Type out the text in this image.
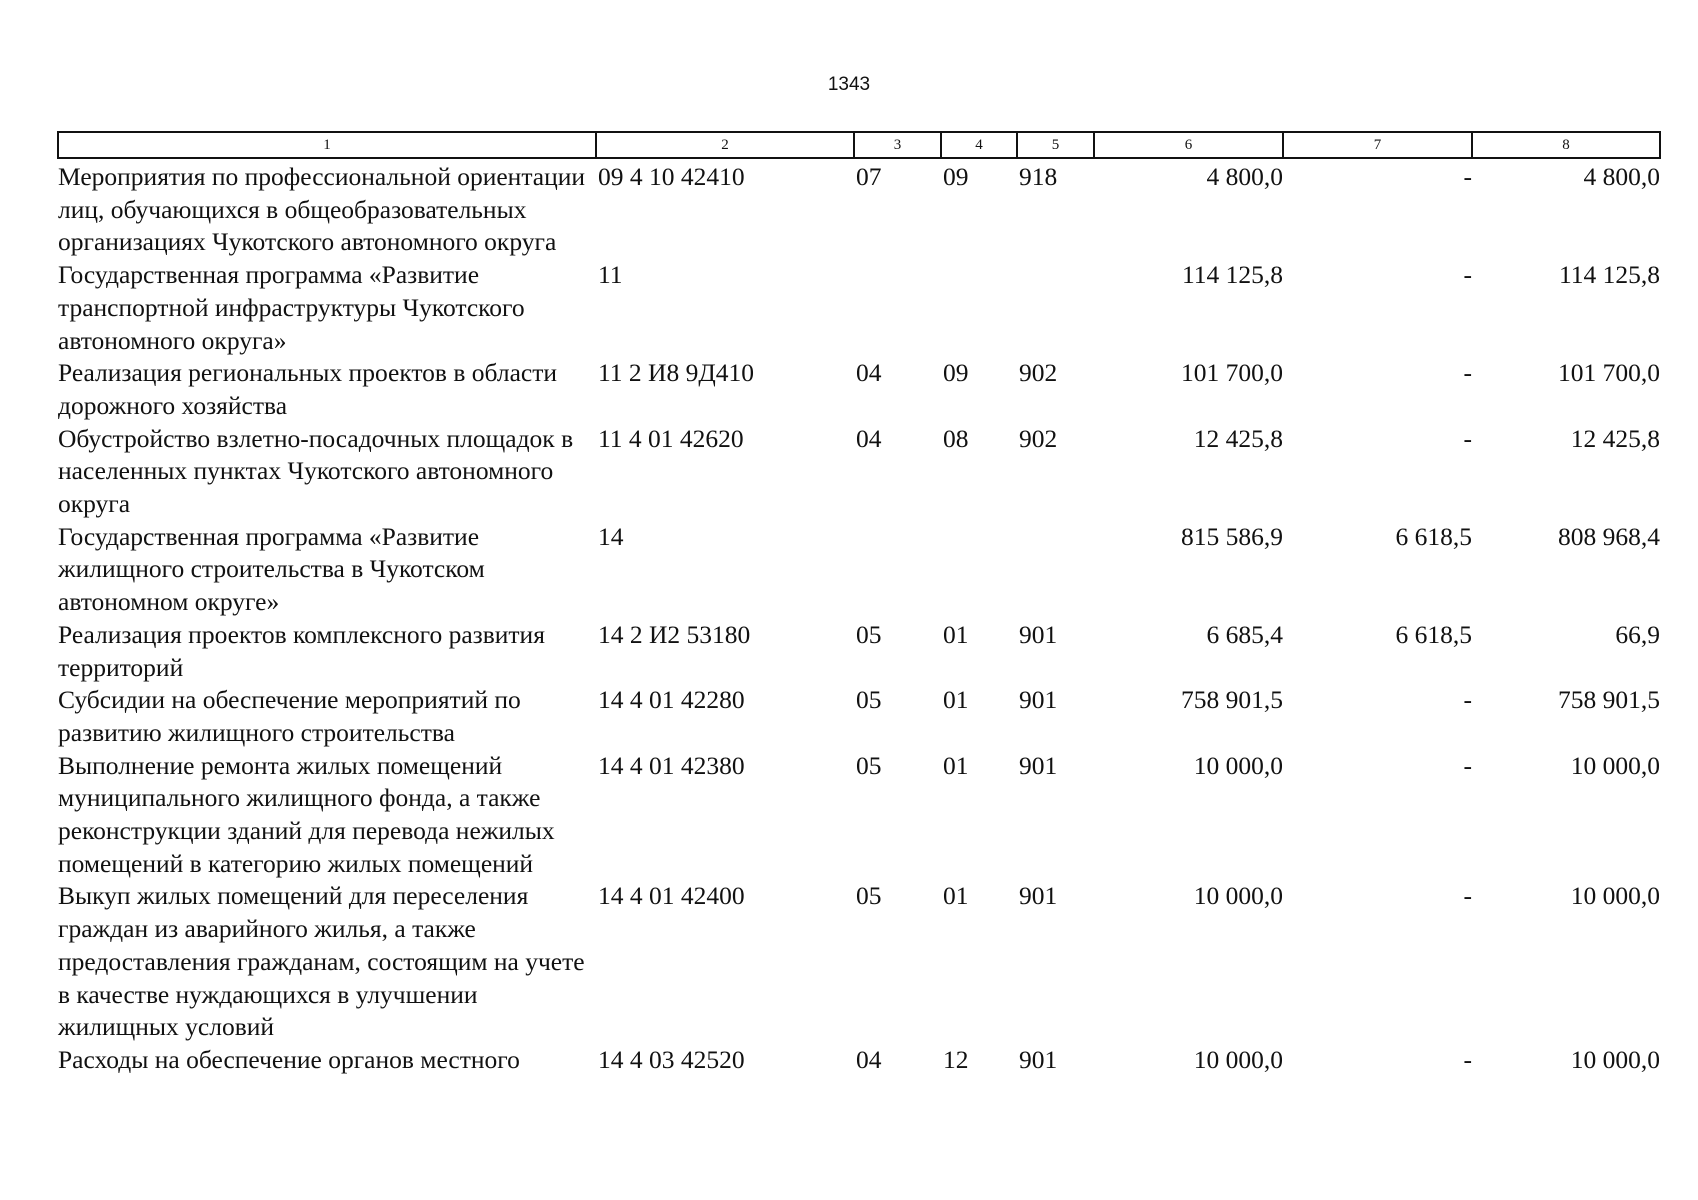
1343
1	2	3	4	5	6	7	8
Мероприятия по профессиональной ориентации лиц, обучающихся в общеобразовательных организациях Чукотского автономного округа	09 4 10 42410	07	09	918	4 800,0	-	4 800,0
Государственная программа «Развитие транспортной инфраструктуры Чукотского автономного округа»	11				114 125,8	-	114 125,8
Реализация региональных проектов в области дорожного хозяйства	11 2 И8 9Д410	04	09	902	101 700,0	-	101 700,0
Обустройство взлетно-посадочных площадок в населенных пунктах Чукотского автономного округа	11 4 01 42620	04	08	902	12 425,8	-	12 425,8
Государственная программа «Развитие жилищного строительства в Чукотском автономном округе»	14				815 586,9	6 618,5	808 968,4
Реализация проектов комплексного развития территорий	14 2 И2 53180	05	01	901	6 685,4	6 618,5	66,9
Субсидии на обеспечение мероприятий по развитию жилищного строительства	14 4 01 42280	05	01	901	758 901,5	-	758 901,5
Выполнение ремонта жилых помещений муниципального жилищного фонда, а также реконструкции зданий для перевода нежилых помещений в категорию жилых помещений	14 4 01 42380	05	01	901	10 000,0	-	10 000,0
Выкуп жилых помещений для переселения граждан из аварийного жилья, а также предоставления гражданам, состоящим на учете в качестве нуждающихся в улучшении жилищных условий	14 4 01 42400	05	01	901	10 000,0	-	10 000,0
Расходы на обеспечение органов местного	14 4 03 42520	04	12	901	10 000,0	-	10 000,0
